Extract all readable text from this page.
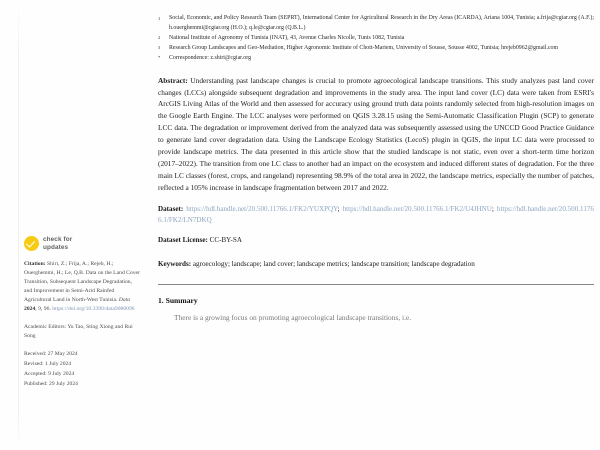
check for
updates
Citation: Shiri, Z.; Frija, A.; Rejeb, H.; Ouerghemmi, H.; Le, Q.B. Data on the Land Cover Transition, Subsequent Landscape Degradation, and Improvement in Semi-Arid Rainfed Agricultural Land in North-West Tunisia. Data 2024, 9, 96. https://doi.org/10.3390/data9080096
Academic Editors: Yu Tao, Sting Xiong and Rui Song
Received: 27 May 2024
Revised: 1 July 2024
Accepted: 9 July 2024
Published: 29 July 2024
1	Social, Economic, and Policy Research Team (SEPRT), International Center for Agricultural Research in the Dry Areas (ICARDA), Ariana 1004, Tunisia; a.frija@cgiar.org (A.F.); h.ouerghemmi@cgiar.org (H.O.); q.le@cgiar.org (Q.B.L.)
2	National Institute of Agronomy of Tunisia (INAT), 43, Avenue Charles Nicolle, Tunis 1082, Tunisia
3	Research Group Landscapes and Geo-Mediation, Higher Agronomic Institute of Chott-Mariem, University of Sousse, Sousse 4002, Tunisia; hrejeb0962@gmail.com
*	Correspondence: z.shiri@cgiar.org
Abstract: Understanding past landscape changes is crucial to promote agroecological landscape transitions. This study analyzes past land cover changes (LCCs) alongside subsequent degradation and improvements in the study area. The input land cover (LC) data were taken from ESRI's ArcGIS Living Atlas of the World and then assessed for accuracy using ground truth data points randomly selected from high-resolution images on the Google Earth Engine. The LCC analyses were performed on QGIS 3.28.15 using the Semi-Automatic Classification Plugin (SCP) to generate LCC data. The degradation or improvement derived from the analyzed data was subsequently assessed using the UNCCD Good Practice Guidance to generate land cover degradation data. Using the Landscape Ecology Statistics (LecoS) plugin in QGIS, the input LC data were processed to provide landscape metrics. The data presented in this article show that the studied landscape is not static, even over a short-term time horizon (2017–2022). The transition from one LC class to another had an impact on the ecosystem and induced different states of degradation. For the three main LC classes (forest, crops, and rangeland) representing 98.9% of the total area in 2022, the landscape metrics, especially the number of patches, reflected a 105% increase in landscape fragmentation between 2017 and 2022.
Dataset: https://hdl.handle.net/20.500.11766.1/FK2/YUXPQY; https://hdl.handle.net/20.500.11766.1/FK2/U4JHNU; https://hdl.handle.net/20.500.11766.1/FK2/LN7DKQ
Dataset License: CC-BY-SA
Keywords: agroecology; landscape; land cover; landscape metrics; landscape transition; landscape degradation
1. Summary

There is a growing focus on promoting agroecological landscape transitions, i.e.
